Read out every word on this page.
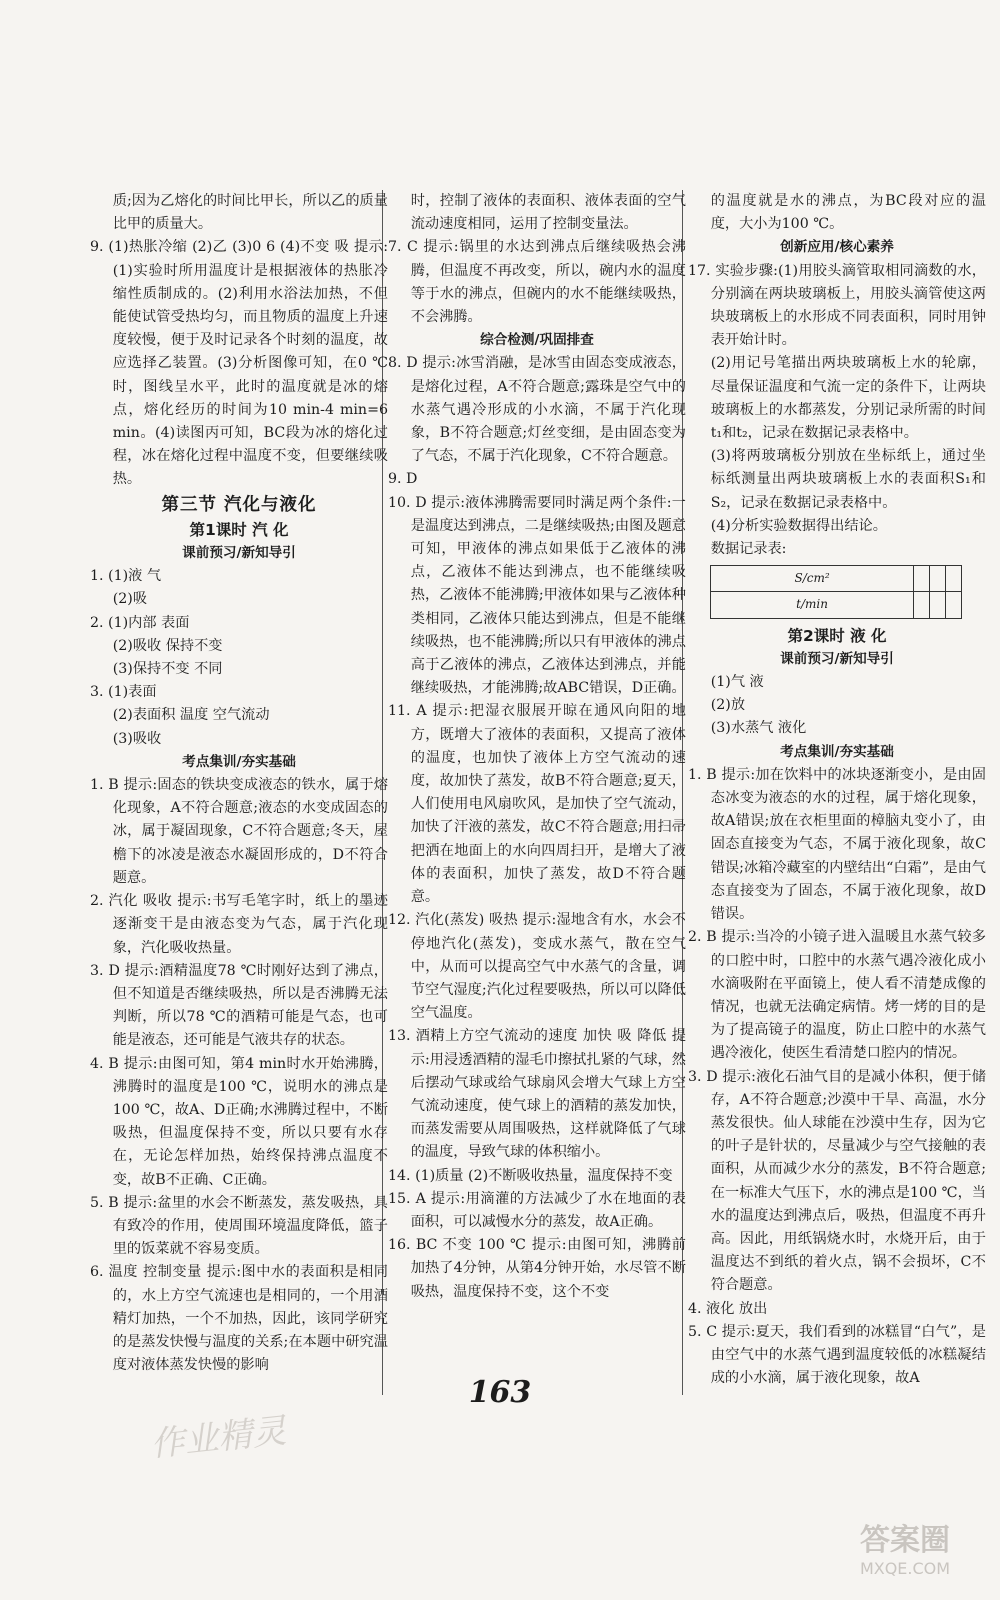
质;因为乙熔化的时间比甲长，所以乙的质量比甲的质量大。
9. (1)热胀冷缩 (2)乙 (3)0 6 (4)不变 吸 提示:(1)实验时所用温度计是根据液体的热胀冷缩性质制成的。(2)利用水浴法加热，不但能使试管受热均匀，而且物质的温度上升速度较慢，便于及时记录各个时刻的温度，故应选择乙装置。(3)分析图像可知，在0 ℃时，图线呈水平，此时的温度就是冰的熔点，熔化经历的时间为10 min-4 min=6 min。(4)读图丙可知，BC段为冰的熔化过程，冰在熔化过程中温度不变，但要继续吸热。
第三节 汽化与液化
第1课时 汽 化
课前预习/新知导引
1. (1)液 气
(2)吸
2. (1)内部 表面
(2)吸收 保持不变
(3)保持不变 不同
3. (1)表面
(2)表面积 温度 空气流动
(3)吸收
考点集训/夯实基础
1. B 提示:固态的铁块变成液态的铁水，属于熔化现象，A不符合题意;液态的水变成固态的冰，属于凝固现象，C不符合题意;冬天，屋檐下的冰凌是液态水凝固形成的，D不符合题意。
2. 汽化 吸收 提示:书写毛笔字时，纸上的墨迹逐渐变干是由液态变为气态，属于汽化现象，汽化吸收热量。
3. D 提示:酒精温度78 ℃时刚好达到了沸点，但不知道是否继续吸热，所以是否沸腾无法判断，所以78 ℃的酒精可能是气态，也可能是液态，还可能是气液共存的状态。
4. B 提示:由图可知，第4 min时水开始沸腾，沸腾时的温度是100 ℃，说明水的沸点是100 ℃，故A、D正确;水沸腾过程中，不断吸热，但温度保持不变，所以只要有水存在，无论怎样加热，始终保持沸点温度不变，故B不正确、C正确。
5. B 提示:盆里的水会不断蒸发，蒸发吸热，具有致冷的作用，使周围环境温度降低，篮子里的饭菜就不容易变质。
6. 温度 控制变量 提示:图中水的表面积是相同的，水上方空气流速也是相同的，一个用酒精灯加热，一个不加热，因此，该同学研究的是蒸发快慢与温度的关系;在本题中研究温度对液体蒸发快慢的影响
时，控制了液体的表面积、液体表面的空气流动速度相同，运用了控制变量法。
7. C 提示:锅里的水达到沸点后继续吸热会沸腾，但温度不再改变，所以，碗内水的温度等于水的沸点，但碗内的水不能继续吸热，不会沸腾。
综合检测/巩固排查
8. D 提示:冰雪消融，是冰雪由固态变成液态，是熔化过程，A不符合题意;露珠是空气中的水蒸气遇冷形成的小水滴，不属于汽化现象，B不符合题意;灯丝变细，是由固态变为了气态，不属于汽化现象，C不符合题意。
9. D
10. D 提示:液体沸腾需要同时满足两个条件:一是温度达到沸点，二是继续吸热;由图及题意可知，甲液体的沸点如果低于乙液体的沸点，乙液体不能达到沸点，也不能继续吸热，乙液体不能沸腾;甲液体如果与乙液体种类相同，乙液体只能达到沸点，但是不能继续吸热，也不能沸腾;所以只有甲液体的沸点高于乙液体的沸点，乙液体达到沸点，并能继续吸热，才能沸腾;故ABC错误，D正确。
11. A 提示:把湿衣服展开晾在通风向阳的地方，既增大了液体的表面积，又提高了液体的温度，也加快了液体上方空气流动的速度，故加快了蒸发，故B不符合题意;夏天，人们使用电风扇吹风，是加快了空气流动，加快了汗液的蒸发，故C不符合题意;用扫帚把洒在地面上的水向四周扫开，是增大了液体的表面积，加快了蒸发，故D不符合题意。
12. 汽化(蒸发) 吸热 提示:湿地含有水，水会不停地汽化(蒸发)，变成水蒸气，散在空气中，从而可以提高空气中水蒸气的含量，调节空气湿度;汽化过程要吸热，所以可以降低空气温度。
13. 酒精上方空气流动的速度 加快 吸 降低 提示:用浸透酒精的湿毛巾擦拭扎紧的气球，然后摆动气球或给气球扇风会增大气球上方空气流动速度，使气球上的酒精的蒸发加快，而蒸发需要从周围吸热，这样就降低了气球的温度，导致气球的体积缩小。
14. (1)质量 (2)不断吸收热量，温度保持不变
15. A 提示:用滴灌的方法减少了水在地面的表面积，可以减慢水分的蒸发，故A正确。
16. BC 不变 100 ℃ 提示:由图可知，沸腾前加热了4分钟，从第4分钟开始，水尽管不断吸热，温度保持不变，这个不变
的温度就是水的沸点，为BC段对应的温度，大小为100 ℃。
创新应用/核心素养
17. 实验步骤:(1)用胶头滴管取相同滴数的水，分别滴在两块玻璃板上，用胶头滴管使这两块玻璃板上的水形成不同表面积，同时用钟表开始计时。
(2)用记号笔描出两块玻璃板上水的轮廓，尽量保证温度和气流一定的条件下，让两块玻璃板上的水都蒸发，分别记录所需的时间t₁和t₂，记录在数据记录表格中。
(3)将两玻璃板分别放在坐标纸上，通过坐标纸测量出两块玻璃板上水的表面积S₁和S₂，记录在数据记录表格中。
(4)分析实验数据得出结论。
数据记录表:
S/cm²			
t/min			
第2课时 液 化
课前预习/新知导引
(1)气 液
(2)放
(3)水蒸气 液化
考点集训/夯实基础
1. B 提示:加在饮料中的冰块逐渐变小，是由固态冰变为液态的水的过程，属于熔化现象，故A错误;放在衣柜里面的樟脑丸变小了，由固态直接变为气态，不属于液化现象，故C错误;冰箱冷藏室的内壁结出“白霜”，是由气态直接变为了固态，不属于液化现象，故D错误。
2. B 提示:当冷的小镜子进入温暖且水蒸气较多的口腔中时，口腔中的水蒸气遇冷液化成小水滴吸附在平面镜上，使人看不清楚成像的情况，也就无法确定病情。烤一烤的目的是为了提高镜子的温度，防止口腔中的水蒸气遇冷液化，使医生看清楚口腔内的情况。
3. D 提示:液化石油气目的是减小体积，便于储存，A不符合题意;沙漠中干旱、高温，水分蒸发很快。仙人球能在沙漠中生存，因为它的叶子是针状的，尽量减少与空气接触的表面积，从而减少水分的蒸发，B不符合题意;在一标准大气压下，水的沸点是100 ℃，当水的温度达到沸点后，吸热，但温度不再升高。因此，用纸锅烧水时，水烧开后，由于温度达不到纸的着火点，锅不会损坏，C不符合题意。
4. 液化 放出
5. C 提示:夏天，我们看到的冰糕冒“白气”，是由空气中的水蒸气遇到温度较低的冰糕凝结成的小水滴，属于液化现象，故A
163
作业精灵
答案圈
MXQE.COM
